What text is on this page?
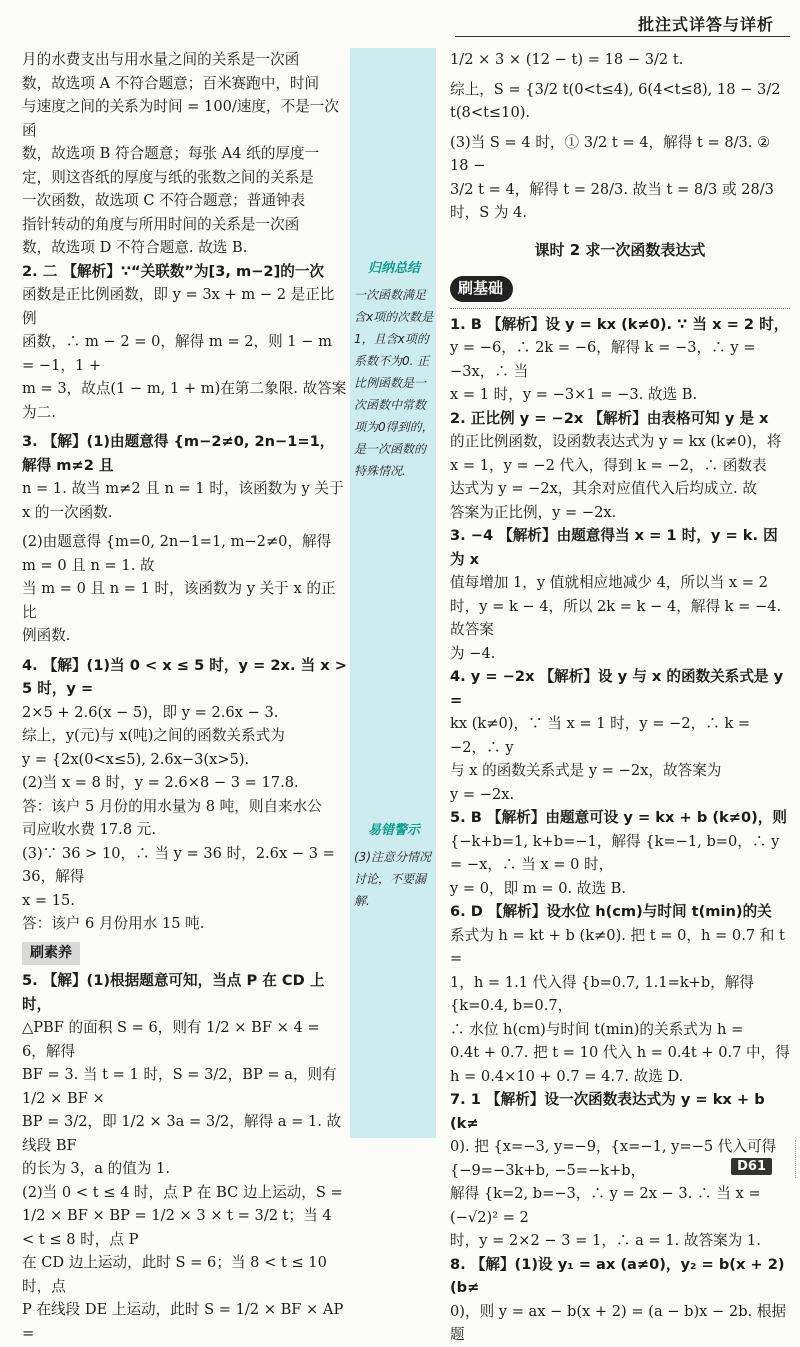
批注式详答与详析
归纳总结
一次函数满足含x项的次数是1，且含x项的系数不为0. 正比例函数是一次函数中常数项为0得到的，是一次函数的特殊情况.
易错警示
(3)注意分情况讨论，不要漏解.

月的水费支出与用水量之间的关系是一次函

数，故选项 A 不符合题意；百米赛跑中，时间

与速度之间的关系为时间 = 100/速度，不是一次函

数，故选项 B 符合题意；每张 A4 纸的厚度一

定，则这沓纸的厚度与纸的张数之间的关系是

一次函数，故选项 C 不符合题意；普通钟表

指针转动的角度与所用时间的关系是一次函

数，故选项 D 不符合题意. 故选 B.

2. 二 【解析】∵“关联数”为[3, m−2]的一次

函数是正比例函数，即 y = 3x + m − 2 是正比例

函数，∴ m − 2 = 0，解得 m = 2，则 1 − m = −1，1 +

m = 3，故点(1 − m, 1 + m)在第二象限. 故答案

为二.

3. 【解】(1)由题意得 {m−2≠0, 2n−1=1，解得 m≠2 且

n = 1. 故当 m≠2 且 n = 1 时，该函数为 y 关于

x 的一次函数.

(2)由题意得 {m=0, 2n−1=1, m−2≠0，解得 m = 0 且 n = 1. 故

当 m = 0 且 n = 1 时，该函数为 y 关于 x 的正比

例函数.

4. 【解】(1)当 0 < x ≤ 5 时，y = 2x. 当 x > 5 时，y =

2×5 + 2.6(x − 5)，即 y = 2.6x − 3.

综上，y(元)与 x(吨)之间的函数关系式为

y = {2x(0<x≤5), 2.6x−3(x>5).

(2)当 x = 8 时，y = 2.6×8 − 3 = 17.8.

答：该户 5 月份的用水量为 8 吨，则自来水公

司应收水费 17.8 元.

(3)∵ 36 > 10，∴ 当 y = 36 时，2.6x − 3 = 36，解得

x = 15.

答：该户 6 月份用水 15 吨.

刷素养

5. 【解】(1)根据题意可知，当点 P 在 CD 上时，

△PBF 的面积 S = 6，则有 1/2 × BF × 4 = 6，解得

BF = 3. 当 t = 1 时，S = 3/2，BP = a，则有 1/2 × BF ×

BP = 3/2，即 1/2 × 3a = 3/2，解得 a = 1. 故线段 BF

的长为 3，a 的值为 1.

(2)当 0 < t ≤ 4 时，点 P 在 BC 边上运动，S =

1/2 × BF × BP = 1/2 × 3 × t = 3/2 t；当 4 < t ≤ 8 时，点 P

在 CD 边上运动，此时 S = 6；当 8 < t ≤ 10 时，点

P 在线段 DE 上运动，此时 S = 1/2 × BF × AP =

1/2 × 3 × (12 − t) = 18 − 3/2 t.

综上，S = {3/2 t(0<t≤4), 6(4<t≤8), 18 − 3/2 t(8<t≤10).

(3)当 S = 4 时，① 3/2 t = 4，解得 t = 8/3. ② 18 −

3/2 t = 4，解得 t = 28/3. 故当 t = 8/3 或 28/3 时，S 为 4.

课时 2 求一次函数表达式
刷基础

1. B 【解析】设 y = kx (k≠0). ∵ 当 x = 2 时，

y = −6，∴ 2k = −6，解得 k = −3，∴ y = −3x，∴ 当

x = 1 时，y = −3×1 = −3. 故选 B.

2. 正比例 y = −2x 【解析】由表格可知 y 是 x

的正比例函数，设函数表达式为 y = kx (k≠0)，将 x = 1，y = −2 代入，得到 k = −2，∴ 函数表

达式为 y = −2x，其余对应值代入后均成立. 故

答案为正比例，y = −2x.

3. −4 【解析】由题意得当 x = 1 时，y = k. 因为 x

值每增加 1，y 值就相应地减少 4，所以当 x = 2

时，y = k − 4，所以 2k = k − 4，解得 k = −4. 故答案

为 −4.

4. y = −2x 【解析】设 y 与 x 的函数关系式是 y =

kx (k≠0)，∵ 当 x = 1 时，y = −2，∴ k = −2，∴ y

与 x 的函数关系式是 y = −2x，故答案为

y = −2x.

5. B 【解析】由题意可设 y = kx + b (k≠0)，则

{−k+b=1, k+b=−1，解得 {k=−1, b=0，∴ y = −x，∴ 当 x = 0 时，

y = 0，即 m = 0. 故选 B.

6. D 【解析】设水位 h(cm)与时间 t(min)的关

系式为 h = kt + b (k≠0). 把 t = 0，h = 0.7 和 t =

1，h = 1.1 代入得 {b=0.7, 1.1=k+b，解得 {k=0.4, b=0.7，

∴ 水位 h(cm)与时间 t(min)的关系式为 h =

0.4t + 0.7. 把 t = 10 代入 h = 0.4t + 0.7 中，得

h = 0.4×10 + 0.7 = 4.7. 故选 D.

7. 1 【解析】设一次函数表达式为 y = kx + b (k≠

0). 把 {x=−3, y=−9，{x=−1, y=−5 代入可得 {−9=−3k+b, −5=−k+b，

解得 {k=2, b=−3，∴ y = 2x − 3. ∴ 当 x = (−√2)² = 2

时，y = 2×2 − 3 = 1，∴ a = 1. 故答案为 1.

8. 【解】(1)设 y₁ = ax (a≠0)，y₂ = b(x + 2) (b≠

0)，则 y = ax − b(x + 2) = (a − b)x − 2b. 根据题

D61
